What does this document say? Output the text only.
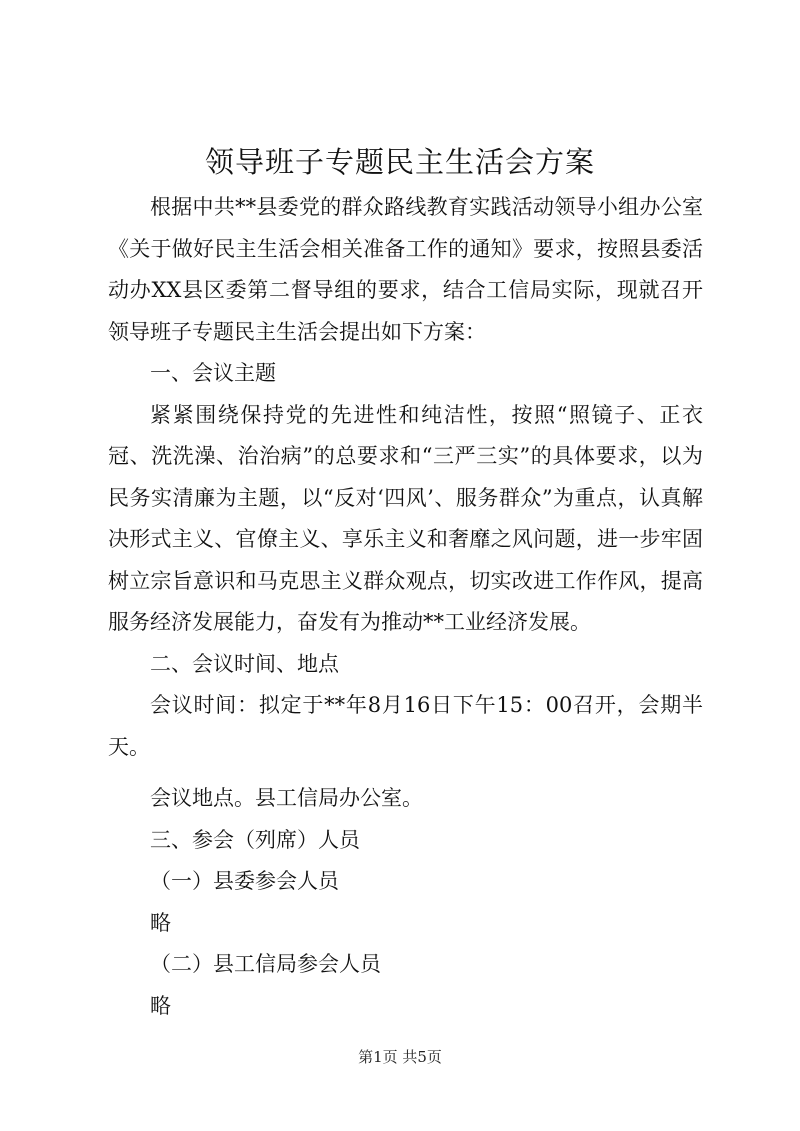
领导班子专题民主生活会方案

根据中共**县委党的群众路线教育实践活动领导小组办公室《关于做好民主生活会相关准备工作的通知》要求，按照县委活动办XX县区委第二督导组的要求，结合工信局实际，现就召开领导班子专题民主生活会提出如下方案：

一、会议主题

紧紧围绕保持党的先进性和纯洁性，按照“照镜子、正衣冠、洗洗澡、治治病”的总要求和“三严三实”的具体要求，以为民务实清廉为主题，以“反对‘四风’、服务群众”为重点，认真解决形式主义、官僚主义、享乐主义和奢靡之风问题，进一步牢固树立宗旨意识和马克思主义群众观点，切实改进工作作风，提高服务经济发展能力，奋发有为推动**工业经济发展。

二、会议时间、地点

会议时间：拟定于**年8月16日下午15：00召开，会期半天。

会议地点。县工信局办公室。

三、参会（列席）人员

（一）县委参会人员

略

（二）县工信局参会人员

略

第1页 共5页
